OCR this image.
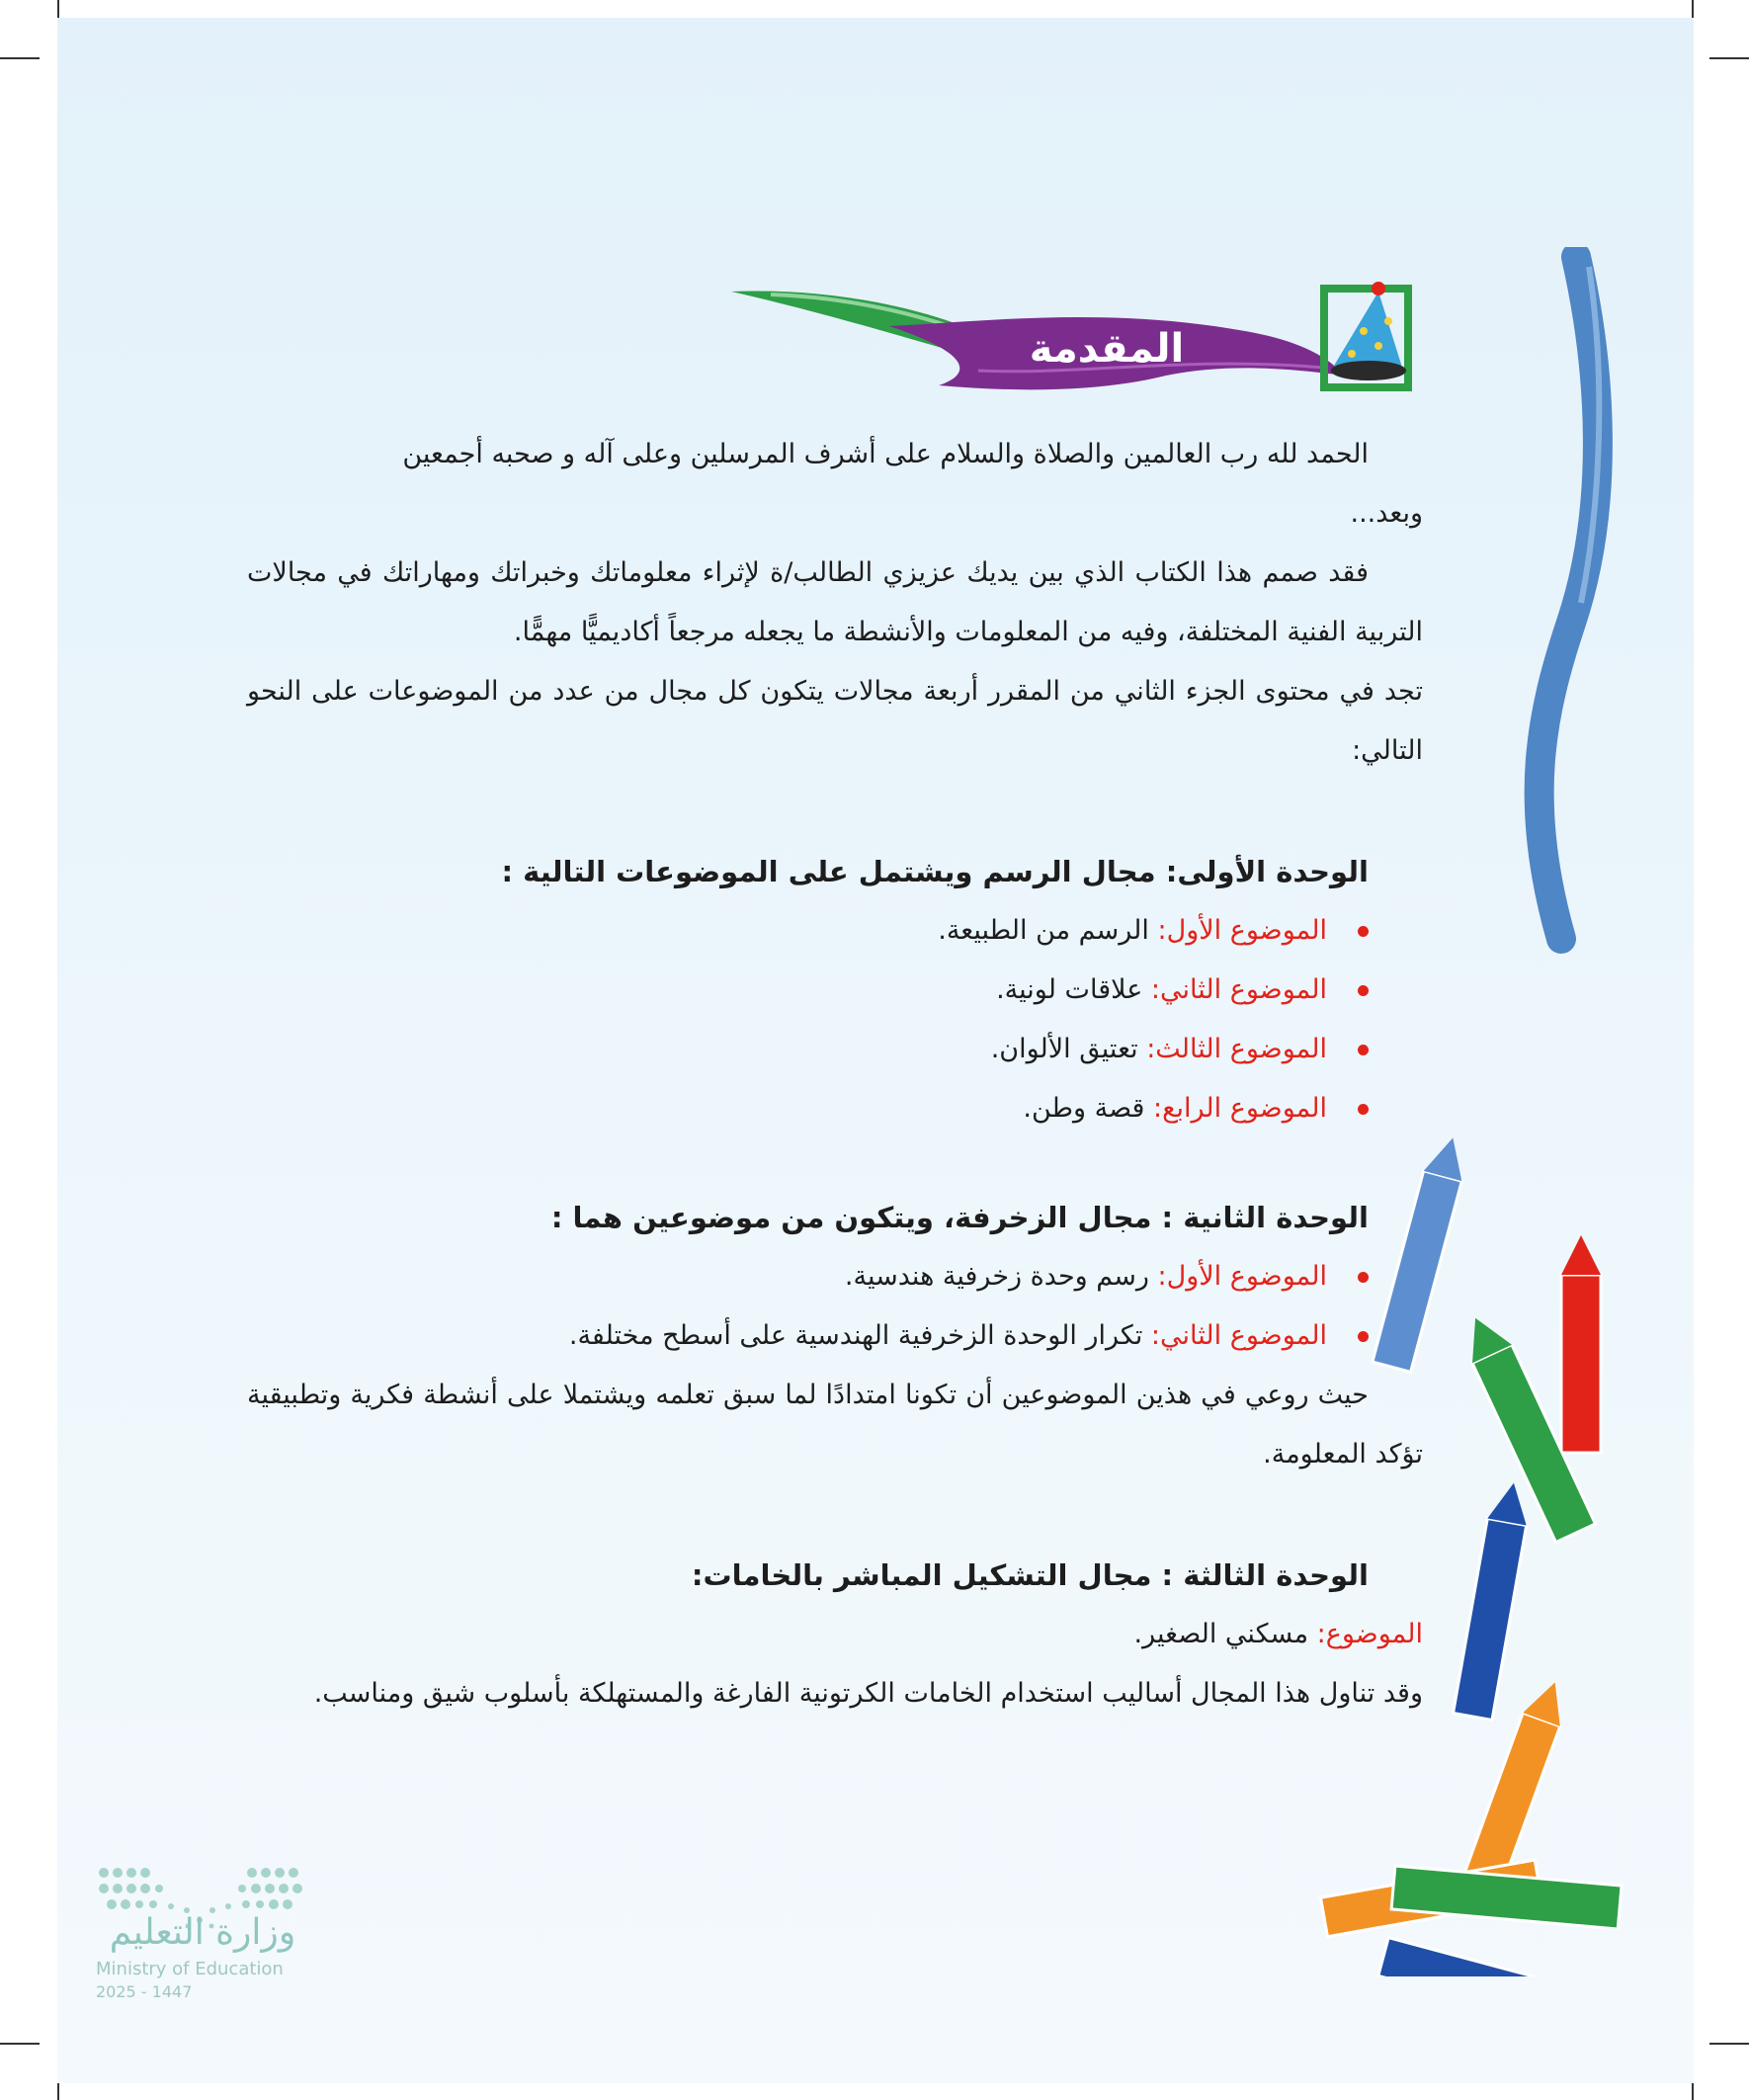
المقدمة

الحمد لله رب العالمين والصلاة والسلام على أشرف المرسلين وعلى آله و صحبه أجمعين

وبعد...

فقد صمم هذا الكتاب الذي بين يديك عزيزي الطالب/ة لإثراء معلوماتك وخبراتك ومهاراتك في مجالات التربية الفنية المختلفة، وفيه من المعلومات والأنشطة ما يجعله مرجعاً أكاديميًّا مهمًّا.

تجد في محتوى الجزء الثاني من المقرر أربعة مجالات يتكون كل مجال من عدد من الموضوعات على النحو التالي:

الوحدة الأولى: مجال الرسم ويشتمل على الموضوعات التالية :

الموضوع الأول: الرسم من الطبيعة.
الموضوع الثاني: علاقات لونية.
الموضوع الثالث: تعتيق الألوان.
الموضوع الرابع: قصة وطن.

الوحدة الثانية : مجال الزخرفة، ويتكون من موضوعين هما :

الموضوع الأول: رسم وحدة زخرفية هندسية.
الموضوع الثاني: تكرار الوحدة الزخرفية الهندسية على أسطح مختلفة.

حيث روعي في هذين الموضوعين أن تكونا امتدادًا لما سبق تعلمه ويشتملا على أنشطة فكرية وتطبيقية تؤكد المعلومة.

الوحدة الثالثة : مجال التشكيل المباشر بالخامات:

الموضوع: مسكني الصغير.

وقد تناول هذا المجال أساليب استخدام الخامات الكرتونية الفارغة والمستهلكة بأسلوب شيق ومناسب.

وزارة التعليم
Ministry of Education
2025 - 1447
